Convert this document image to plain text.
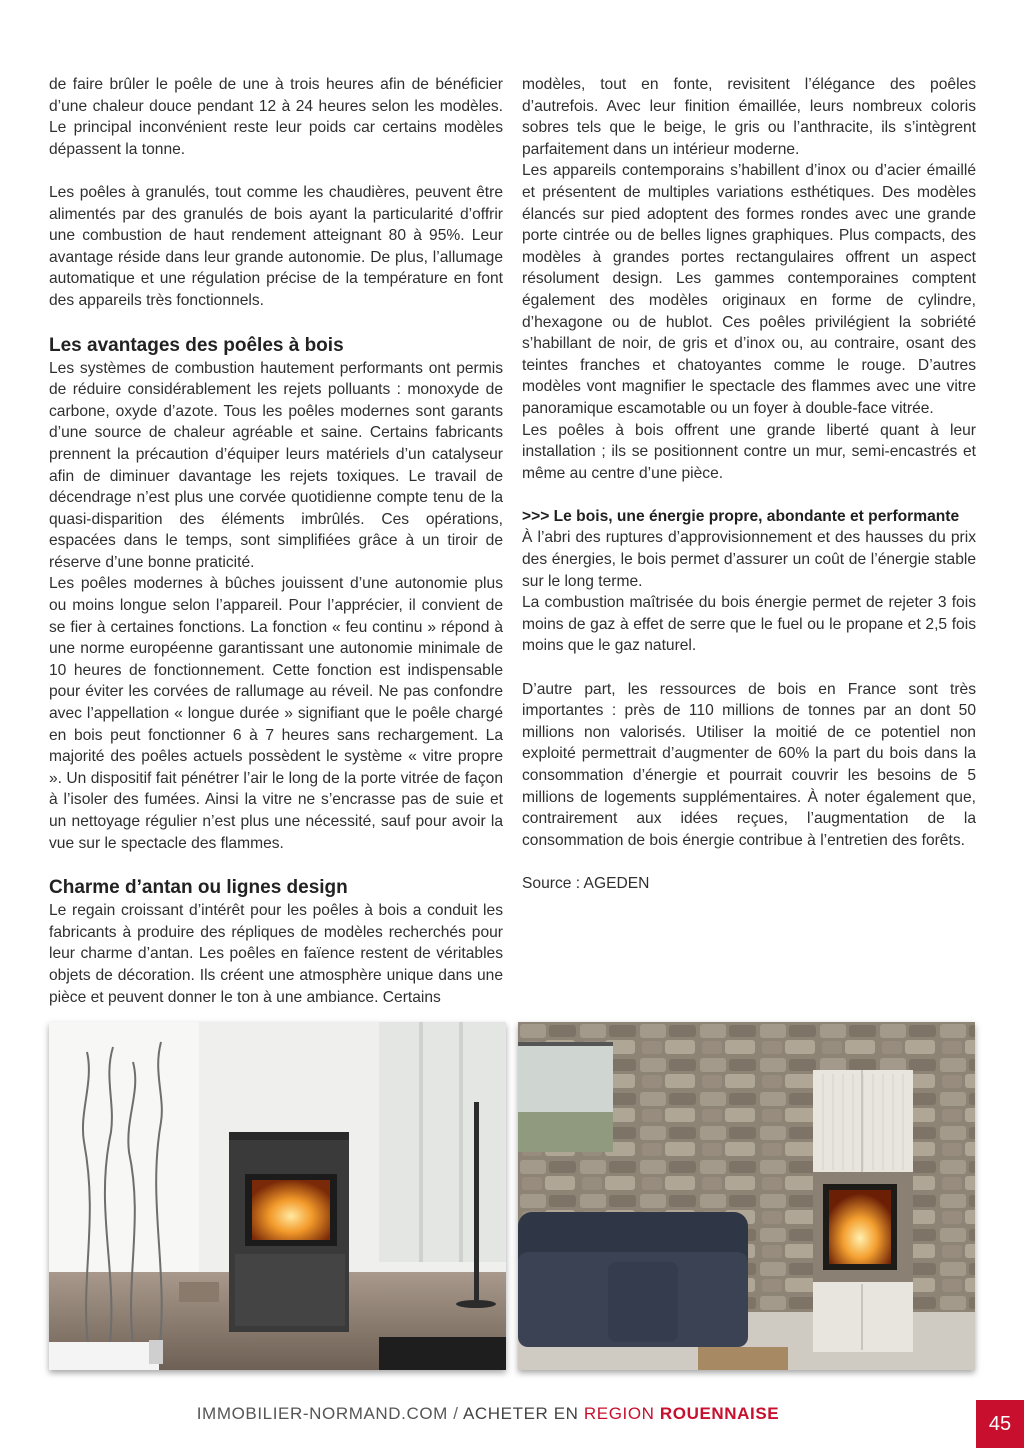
de faire brûler le poêle de une à trois heures afin de bénéficier d’une chaleur douce pendant 12 à 24 heures selon les modèles. Le principal inconvénient reste leur poids car certains modèles dépassent la tonne.

Les poêles à granulés, tout comme les chaudières, peuvent être alimentés par des granulés de bois ayant la particularité d’offrir une combustion de haut rendement atteignant 80 à 95%. Leur avantage réside dans leur grande autonomie. De plus, l’allumage automatique et une régulation précise de la température en font des appareils très fonctionnels.

Les avantages des poêles à bois

Les systèmes de combustion hautement performants ont permis de réduire considérablement les rejets polluants : monoxyde de carbone, oxyde d’azote. Tous les poêles modernes sont garants d’une source de chaleur agréable et saine. Certains fabricants prennent la précaution d’équiper leurs matériels d’un catalyseur afin de diminuer davantage les rejets toxiques. Le travail de décendrage n’est plus une corvée quotidienne compte tenu de la quasi-disparition des éléments imbrûlés. Ces opérations, espacées dans le temps, sont simplifiées grâce à un tiroir de réserve d’une bonne praticité.

Les poêles modernes à bûches jouissent d’une autonomie plus ou moins longue selon l’appareil. Pour l’apprécier, il convient de se fier à certaines fonctions. La fonction « feu continu » répond à une norme européenne garantissant une autonomie minimale de 10 heures de fonctionnement. Cette fonction est indispensable pour éviter les corvées de rallumage au réveil. Ne pas confondre avec l’appellation « longue durée » signifiant que le poêle chargé en bois peut fonctionner 6 à 7 heures sans rechargement. La majorité des poêles actuels possèdent le système « vitre propre ». Un dispositif fait pénétrer l’air le long de la porte vitrée de façon à l’isoler des fumées. Ainsi la vitre ne s’encrasse pas de suie et un nettoyage régulier n’est plus une nécessité, sauf pour avoir la vue sur le spectacle des flammes.

Charme d’antan ou lignes design

Le regain croissant d’intérêt pour les poêles à bois a conduit les fabricants à produire des répliques de modèles recherchés pour leur charme d’antan. Les poêles en faïence restent de véritables objets de décoration. Ils créent une atmosphère unique dans une pièce et peuvent donner le ton à une ambiance. Certains

modèles, tout en fonte, revisitent l’élégance des poêles d’autrefois. Avec leur finition émaillée, leurs nombreux coloris sobres tels que le beige, le gris ou l’anthracite, ils s’intègrent parfaitement dans un intérieur moderne.

Les appareils contemporains s’habillent d’inox ou d’acier émaillé et présentent de multiples variations esthétiques. Des modèles élancés sur pied adoptent des formes rondes avec une grande porte cintrée ou de belles lignes graphiques. Plus compacts, des modèles à grandes portes rectangulaires offrent un aspect résolument design. Les gammes contemporaines comptent également des modèles originaux en forme de cylindre, d’hexagone ou de hublot. Ces poêles privilégient la sobriété s’habillant de noir, de gris et d’inox ou, au contraire, osant des teintes franches et chatoyantes comme le rouge. D’autres modèles vont magnifier le spectacle des flammes avec une vitre panoramique escamotable ou un foyer à double-face vitrée.

Les poêles à bois offrent une grande liberté quant à leur installation ; ils se positionnent contre un mur, semi-encastrés et même au centre d’une pièce.

>>> Le bois, une énergie propre, abondante et performante

À l’abri des ruptures d’approvisionnement et des hausses du prix des énergies, le bois permet d’assurer un coût de l’énergie stable sur le long terme.

La combustion maîtrisée du bois énergie permet de rejeter 3 fois moins de gaz à effet de serre que le fuel ou le propane et 2,5 fois moins que le gaz naturel.

D’autre part, les ressources de bois en France sont très importantes : près de 110 millions de tonnes par an dont 50 millions non valorisés. Utiliser la moitié de ce potentiel non exploité permettrait d’augmenter de 60% la part du bois dans la consommation d’énergie et pourrait couvrir les besoins de 5 millions de logements supplémentaires. À noter également que, contrairement aux idées reçues, l’augmentation de la consommation de bois énergie contribue à l’entretien des forêts.

Source : AGEDEN

IMMOBILIER-NORMAND.COM / ACHETER EN REGION ROUENNAISE	45
